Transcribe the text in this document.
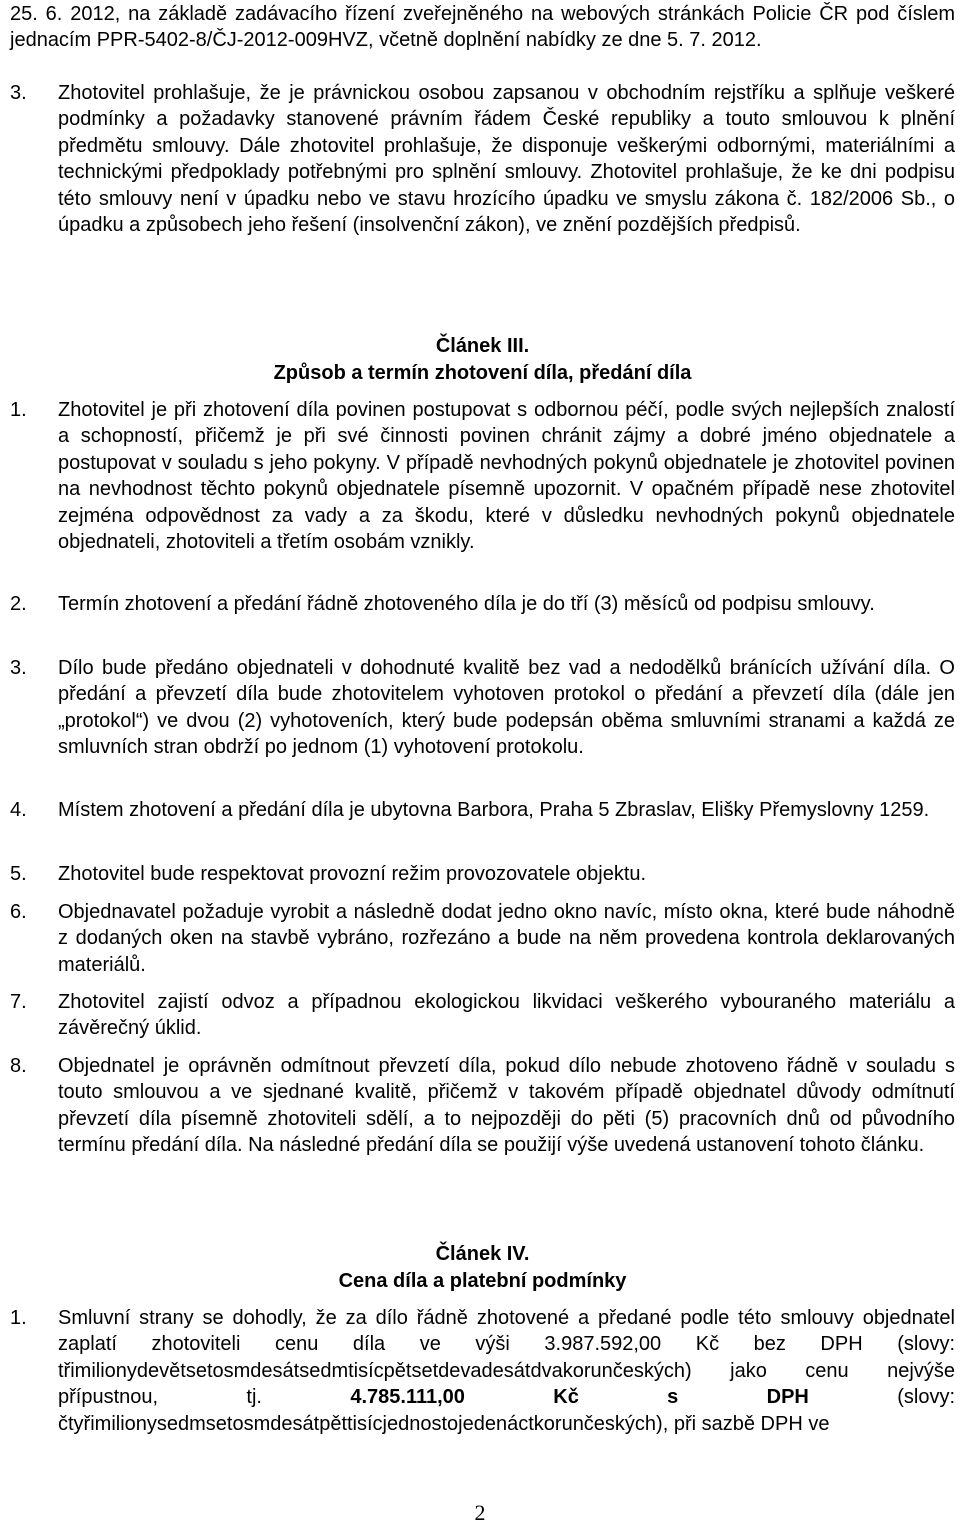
25. 6. 2012, na základě zadávacího řízení zveřejněného na webových stránkách Policie ČR pod číslem jednacím PPR-5402-8/ČJ-2012-009HVZ, včetně doplnění nabídky ze dne 5. 7. 2012.
3. Zhotovitel prohlašuje, že je právnickou osobou zapsanou v obchodním rejstříku a splňuje veškeré podmínky a požadavky stanovené právním řádem České republiky a touto smlouvou k plnění předmětu smlouvy. Dále zhotovitel prohlašuje, že disponuje veškerými odbornými, materiálními a technickými předpoklady potřebnými pro splnění smlouvy. Zhotovitel prohlašuje, že ke dni podpisu této smlouvy není v úpadku nebo ve stavu hrozícího úpadku ve smyslu zákona č. 182/2006 Sb., o úpadku a způsobech jeho řešení (insolvenční zákon), ve znění pozdějších předpisů.
Článek III.
Způsob a termín zhotovení díla, předání díla
1. Zhotovitel je při zhotovení díla povinen postupovat s odbornou péčí, podle svých nejlepších znalostí a schopností, přičemž je při své činnosti povinen chránit zájmy a dobré jméno objednatele a postupovat v souladu s jeho pokyny. V případě nevhodných pokynů objednatele je zhotovitel povinen na nevhodnost těchto pokynů objednatele písemně upozornit. V opačném případě nese zhotovitel zejména odpovědnost za vady a za škodu, které v důsledku nevhodných pokynů objednatele objednateli, zhotoviteli a třetím osobám vznikly.
2. Termín zhotovení a předání řádně zhotoveného díla je do tří (3) měsíců od podpisu smlouvy.
3. Dílo bude předáno objednateli v dohodnuté kvalitě bez vad a nedodělků bránících užívání díla. O předání a převzetí díla bude zhotovitelem vyhotoven protokol o předání a převzetí díla (dále jen „protokol“) ve dvou (2) vyhotoveních, který bude podepsán oběma smluvními stranami a každá ze smluvních stran obdrží po jednom (1) vyhotovení protokolu.
4. Místem zhotovení a předání díla je ubytovna Barbora, Praha 5 Zbraslav, Elišky Přemyslovny 1259.
5. Zhotovitel bude respektovat provozní režim provozovatele objektu.
6. Objednavatel požaduje vyrobit a následně dodat jedno okno navíc, místo okna, které bude náhodně z dodaných oken na stavbě vybráno, rozřezáno a bude na něm provedena kontrola deklarovaných materiálů.
7. Zhotovitel zajistí odvoz a případnou ekologickou likvidaci veškerého vybouraného materiálu a závěrečný úklid.
8. Objednatel je oprávněn odmítnout převzetí díla, pokud dílo nebude zhotoveno řádně v souladu s touto smlouvou a ve sjednané kvalitě, přičemž v takovém případě objednatel důvody odmítnutí převzetí díla písemně zhotoviteli sdělí, a to nejpozději do pěti (5) pracovních dnů od původního termínu předání díla. Na následné předání díla se použijí výše uvedená ustanovení tohoto článku.
Článek IV.
Cena díla a platební podmínky
1. Smluvní strany se dohodly, že za dílo řádně zhotovené a předané podle této smlouvy objednatel zaplatí zhotoviteli cenu díla ve výši 3.987.592,00 Kč bez DPH (slovy: třimilionydevětsetosmdesátsedmtisícpětsetdevadesátdvakorunčeských) jako cenu nejvýše přípustnou, tj.	4.785.111,00 Kč s DPH	(slovy: čtyřimilionysedmsetosmdesátpěttisícjednostojedenáctkorunčeských), při sazbě DPH ve
2
